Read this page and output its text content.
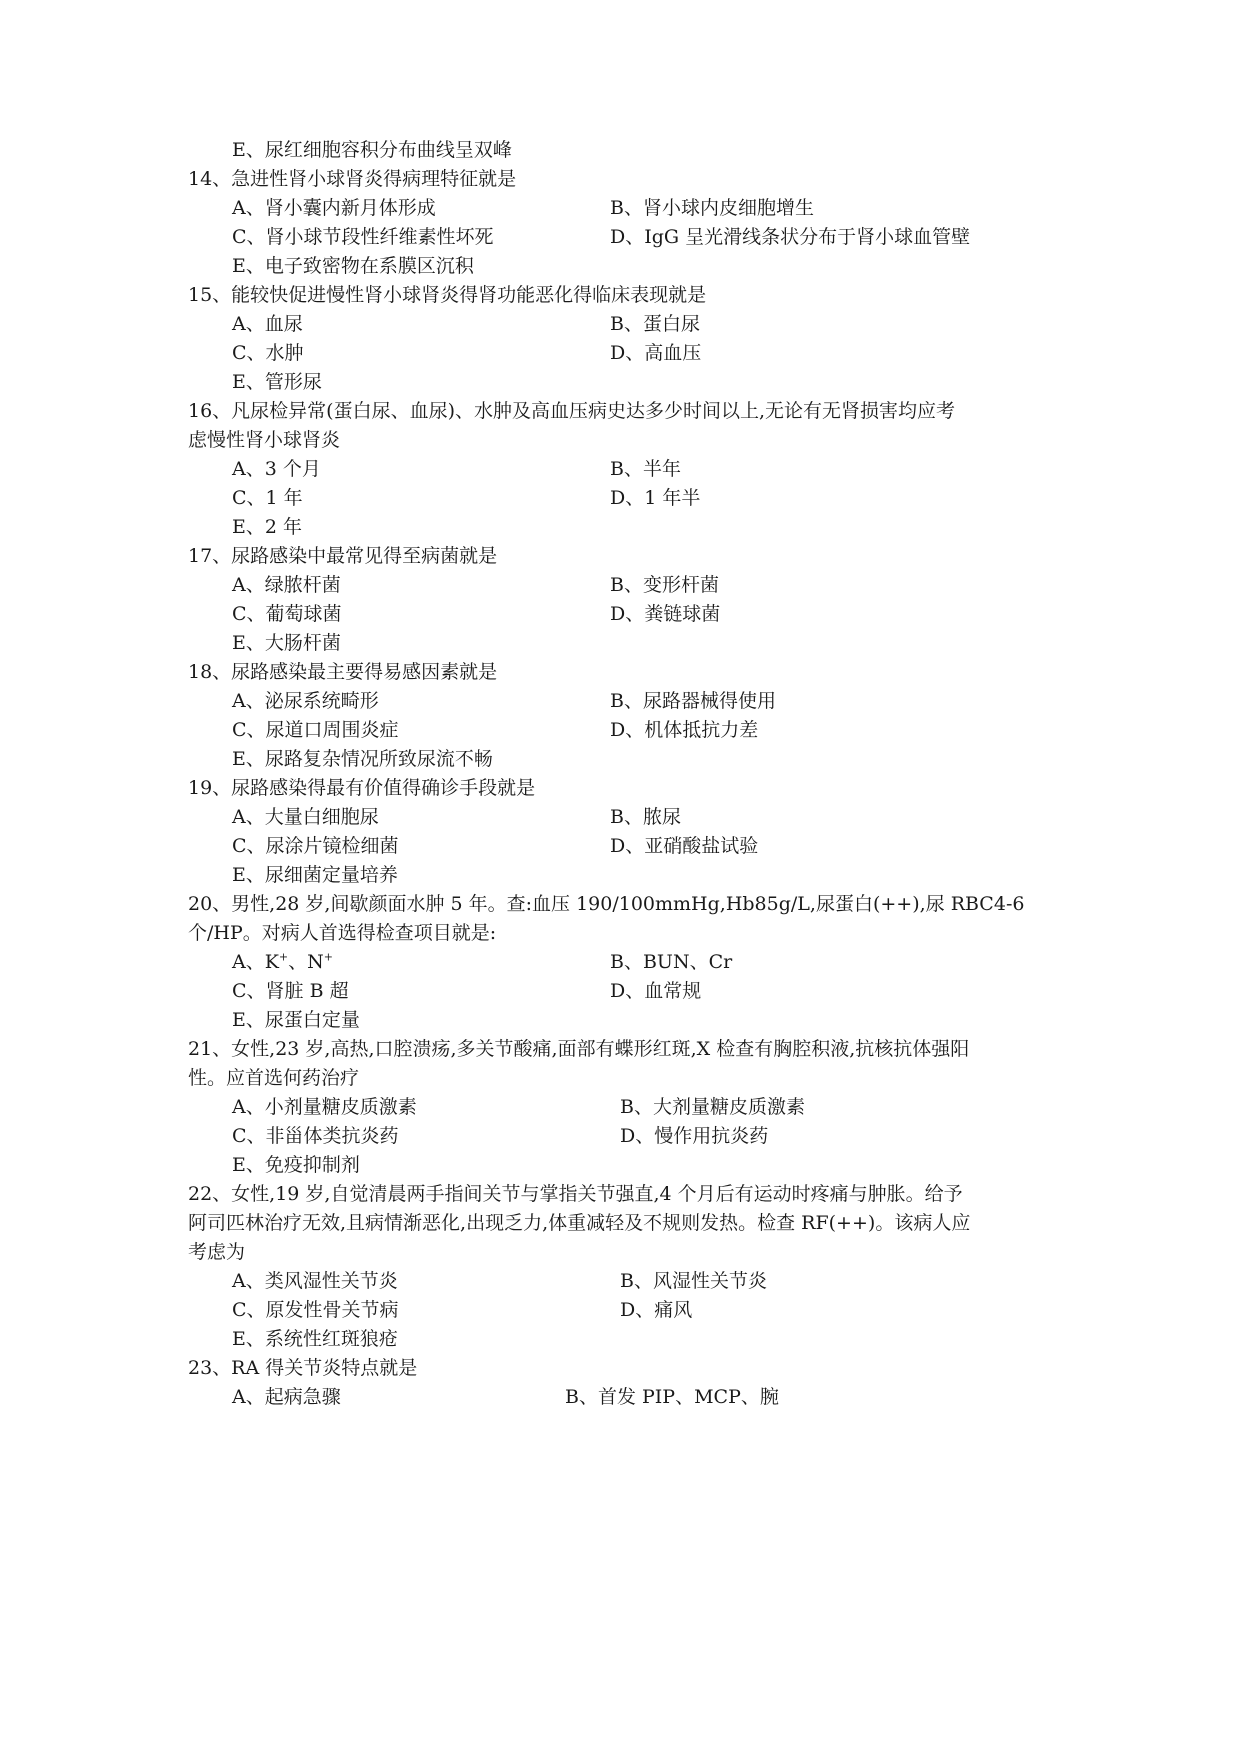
E、尿红细胞容积分布曲线呈双峰
14、急进性肾小球肾炎得病理特征就是
A、肾小囊内新月体形成	B、肾小球内皮细胞增生
C、肾小球节段性纤维素性坏死	D、IgG 呈光滑线条状分布于肾小球血管壁
E、电子致密物在系膜区沉积
15、能较快促进慢性肾小球肾炎得肾功能恶化得临床表现就是
A、血尿	B、蛋白尿
C、水肿	D、高血压
E、管形尿
16、凡尿检异常(蛋白尿、血尿)、水肿及高血压病史达多少时间以上,无论有无肾损害均应考
虑慢性肾小球肾炎
A、3 个月	B、半年
C、1 年	D、1 年半
E、2 年
17、尿路感染中最常见得至病菌就是
A、绿脓杆菌	B、变形杆菌
C、葡萄球菌	D、粪链球菌
E、大肠杆菌
18、尿路感染最主要得易感因素就是
A、泌尿系统畸形	B、尿路器械得使用
C、尿道口周围炎症	D、机体抵抗力差
E、尿路复杂情况所致尿流不畅
19、尿路感染得最有价值得确诊手段就是
A、大量白细胞尿	B、脓尿
C、尿涂片镜检细菌	D、亚硝酸盐试验
E、尿细菌定量培养
20、男性,28 岁,间歇颜面水肿 5 年。查:血压 190/100mmHg,Hb85g/L,尿蛋白(++),尿 RBC4-6
个/HP。对病人首选得检查项目就是:
A、K+、N+	B、BUN、Cr
C、肾脏 B 超	D、血常规
E、尿蛋白定量
21、女性,23 岁,高热,口腔溃疡,多关节酸痛,面部有蝶形红斑,X 检查有胸腔积液,抗核抗体强阳
性。应首选何药治疗
A、小剂量糖皮质激素	B、大剂量糖皮质激素
C、非甾体类抗炎药	D、慢作用抗炎药
E、免疫抑制剂
22、女性,19 岁,自觉清晨两手指间关节与掌指关节强直,4 个月后有运动时疼痛与肿胀。给予
阿司匹林治疗无效,且病情渐恶化,出现乏力,体重减轻及不规则发热。检查 RF(++)。该病人应
考虑为
A、类风湿性关节炎	B、风湿性关节炎
C、原发性骨关节病	D、痛风
E、系统性红斑狼疮
23、RA 得关节炎特点就是
A、起病急骤	B、首发 PIP、MCP、腕
